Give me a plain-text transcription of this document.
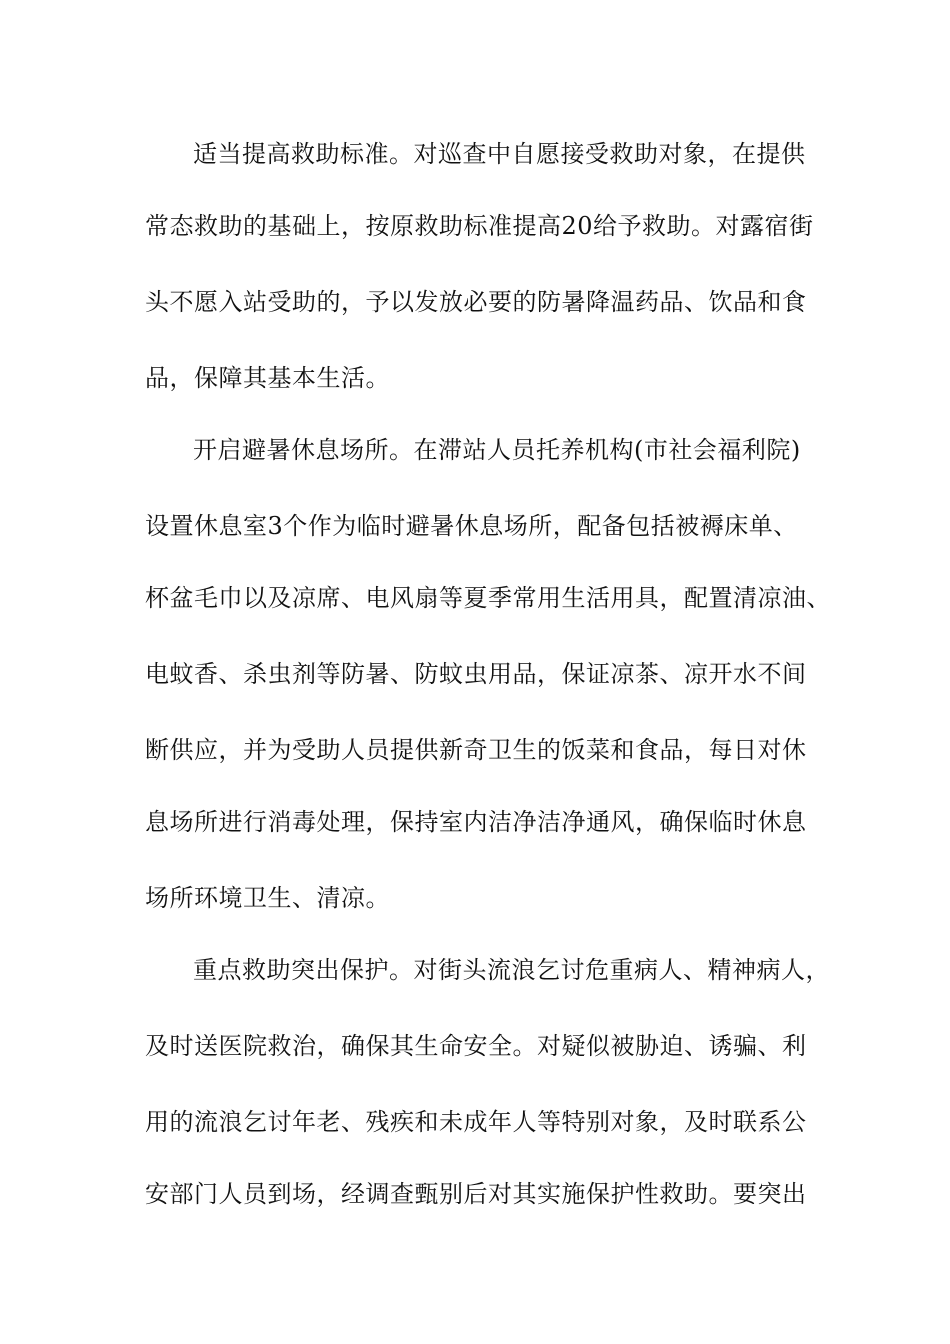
适当提高救助标准。对巡查中自愿接受救助对象，在提供
常态救助的基础上，按原救助标准提高20给予救助。对露宿街
头不愿入站受助的，予以发放必要的防暑降温药品、饮品和食
品，保障其基本生活。
开启避暑休息场所。在滞站人员托养机构(市社会福利院)
设置休息室3个作为临时避暑休息场所，配备包括被褥床单、
杯盆毛巾以及凉席、电风扇等夏季常用生活用具，配置清凉油、
电蚊香、杀虫剂等防暑、防蚊虫用品，保证凉茶、凉开水不间
断供应，并为受助人员提供新奇卫生的饭菜和食品，每日对休
息场所进行消毒处理，保持室内洁净洁净通风，确保临时休息
场所环境卫生、清凉。
重点救助突出保护。对街头流浪乞讨危重病人、精神病人，
及时送医院救治，确保其生命安全。对疑似被胁迫、诱骗、利
用的流浪乞讨年老、残疾和未成年人等特别对象，及时联系公
安部门人员到场，经调查甄别后对其实施保护性救助。要突出
